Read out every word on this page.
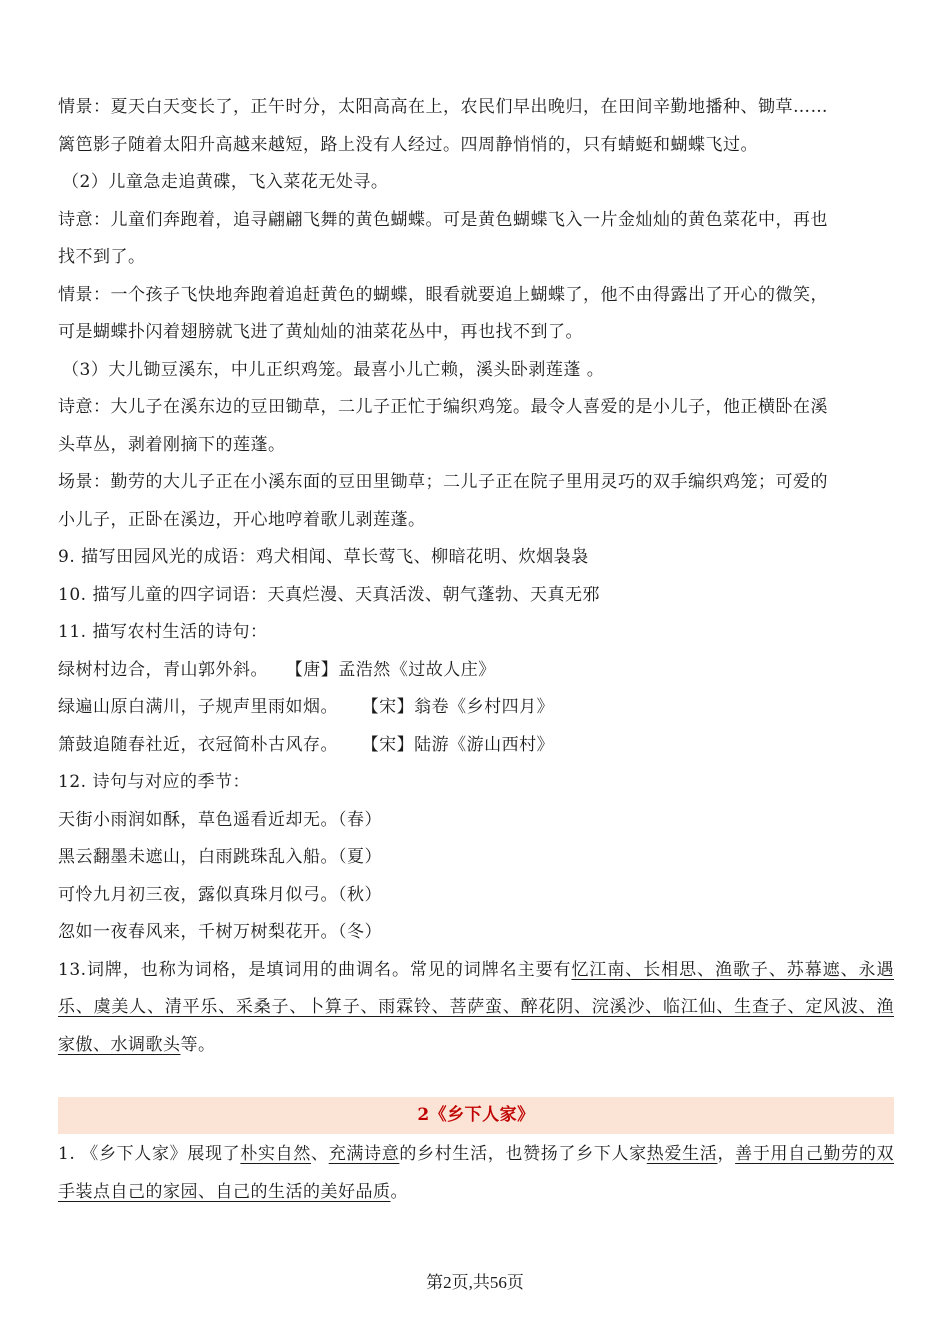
情景：夏天白天变长了，正午时分，太阳高高在上，农民们早出晚归，在田间辛勤地播种、锄草……

篱笆影子随着太阳升高越来越短，路上没有人经过。四周静悄悄的，只有蜻蜓和蝴蝶飞过。

（2）儿童急走追黄碟，飞入菜花无处寻。

诗意：儿童们奔跑着，追寻翩翩飞舞的黄色蝴蝶。可是黄色蝴蝶飞入一片金灿灿的黄色菜花中，再也

找不到了。

情景：一个孩子飞快地奔跑着追赶黄色的蝴蝶，眼看就要追上蝴蝶了，他不由得露出了开心的微笑，

可是蝴蝶扑闪着翅膀就飞进了黄灿灿的油菜花丛中，再也找不到了。

（3）大儿锄豆溪东，中儿正织鸡笼。最喜小儿亡赖，溪头卧剥莲蓬 。

诗意：大儿子在溪东边的豆田锄草，二儿子正忙于编织鸡笼。最令人喜爱的是小儿子，他正横卧在溪

头草丛，剥着刚摘下的莲蓬。

场景：勤劳的大儿子正在小溪东面的豆田里锄草；二儿子正在院子里用灵巧的双手编织鸡笼；可爱的

小儿子，正卧在溪边，开心地哼着歌儿剥莲蓬。

9. 描写田园风光的成语：鸡犬相闻、草长莺飞、柳暗花明、炊烟袅袅

10. 描写儿童的四字词语：天真烂漫、天真活泼、朝气蓬勃、天真无邪

11. 描写农村生活的诗句：

绿树村边合，青山郭外斜。   【唐】孟浩然《过故人庄》

绿遍山原白满川，子规声里雨如烟。    【宋】翁卷《乡村四月》

箫鼓追随春社近，衣冠简朴古风存。    【宋】陆游《游山西村》

12. 诗句与对应的季节：

天街小雨润如酥，草色遥看近却无。（春）

黑云翻墨未遮山，白雨跳珠乱入船。（夏）

可怜九月初三夜，露似真珠月似弓。（秋）

忽如一夜春风来，千树万树梨花开。（冬）

13.词牌，也称为词格，是填词用的曲调名。常见的词牌名主要有忆江南、长相思、渔歌子、苏幕遮、永遇乐、虞美人、清平乐、采桑子、卜算子、雨霖铃、菩萨蛮、醉花阴、浣溪沙、临江仙、生查子、定风波、渔家傲、水调歌头等。

2《乡下人家》

1. 《乡下人家》展现了朴实自然、充满诗意的乡村生活，也赞扬了乡下人家热爱生活，善于用自己勤劳的双手装点自己的家园、自己的生活的美好品质。

第2页,共56页
